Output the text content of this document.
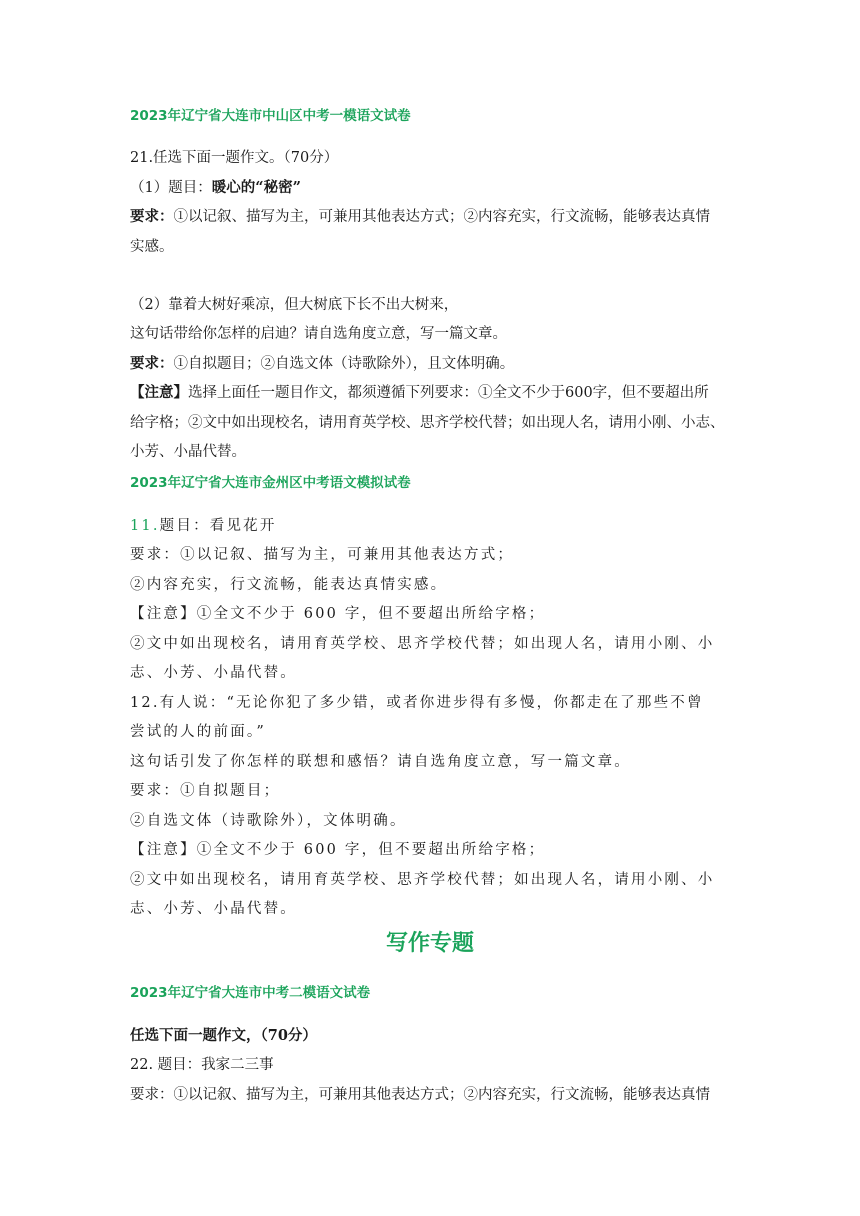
2023年辽宁省大连市中山区中考一模语文试卷
21.任选下面一题作文。（70分）
（1）题目：暖心的“秘密”
要求：①以记叙、描写为主，可兼用其他表达方式；②内容充实，行文流畅，能够表达真情
实感。
（2）靠着大树好乘凉，但大树底下长不出大树来，
这句话带给你怎样的启迪？请自选角度立意，写一篇文章。
要求：①自拟题目；②自选文体（诗歌除外），且文体明确。
【注意】选择上面任一题目作文，都须遵循下列要求：①全文不少于600字，但不要超出所
给字格；②文中如出现校名，请用育英学校、思齐学校代替；如出现人名，请用小刚、小志、
小芳、小晶代替。
2023年辽宁省大连市金州区中考语文模拟试卷
11.题目：看见花开
要求：①以记叙、描写为主，可兼用其他表达方式；
②内容充实，行文流畅，能表达真情实感。
【注意】①全文不少于 600 字，但不要超出所给字格；
②文中如出现校名，请用育英学校、思齐学校代替；如出现人名，请用小刚、小
志、小芳、小晶代替。
12.有人说：“无论你犯了多少错，或者你进步得有多慢，你都走在了那些不曾
尝试的人的前面。”
这句话引发了你怎样的联想和感悟？请自选角度立意，写一篇文章。
要求：①自拟题目；
②自选文体（诗歌除外），文体明确。
【注意】①全文不少于 600 字，但不要超出所给字格；
②文中如出现校名，请用育英学校、思齐学校代替；如出现人名，请用小刚、小
志、小芳、小晶代替。
写作专题
2023年辽宁省大连市中考二模语文试卷
任选下面一题作文，（70分）
22. 题目：我家二三事
要求：①以记叙、描写为主，可兼用其他表达方式；②内容充实，行文流畅，能够表达真情
